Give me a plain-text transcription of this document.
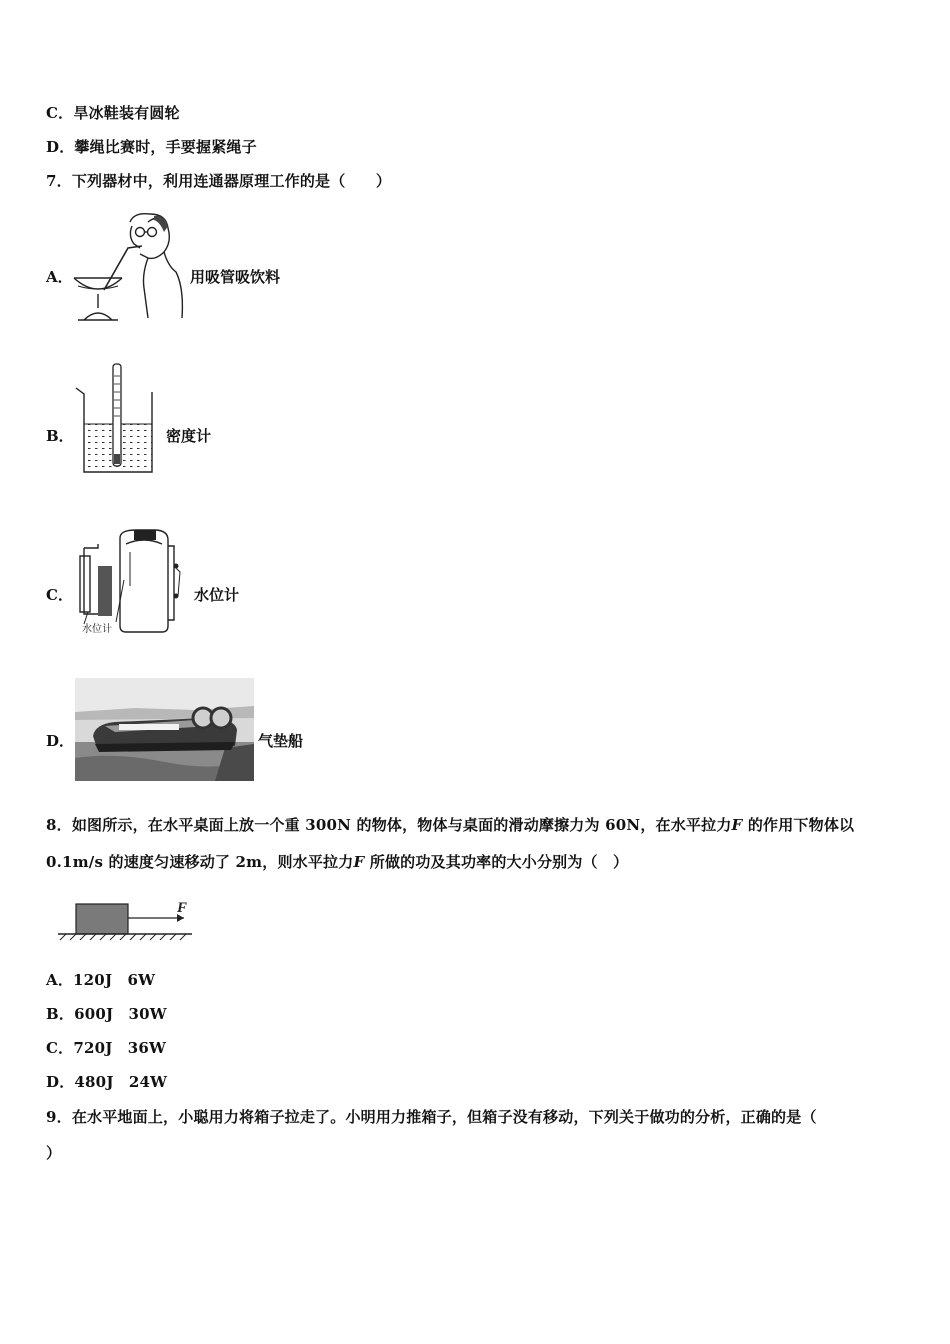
C．旱冰鞋装有圆轮
D．攀绳比赛时，手要握紧绳子
7．下列器材中，利用连通器原理工作的是（　　）
A．	用吸管吸饮料
B．	密度计
C．
水位计
水位计
D．	气垫船
8．如图所示，在水平桌面上放一个重 300N 的物体，物体与桌面的滑动摩擦力为 60N，在水平拉力F 的作用下物体以
0.1m/s 的速度匀速移动了 2m，则水平拉力F 所做的功及其功率的大小分别为（　）
F
A．120J　6W
B．600J　30W
C．720J　36W
D．480J　24W
9．在水平地面上，小聪用力将箱子拉走了。小明用力推箱子，但箱子没有移动，下列关于做功的分析，正确的是（
）
